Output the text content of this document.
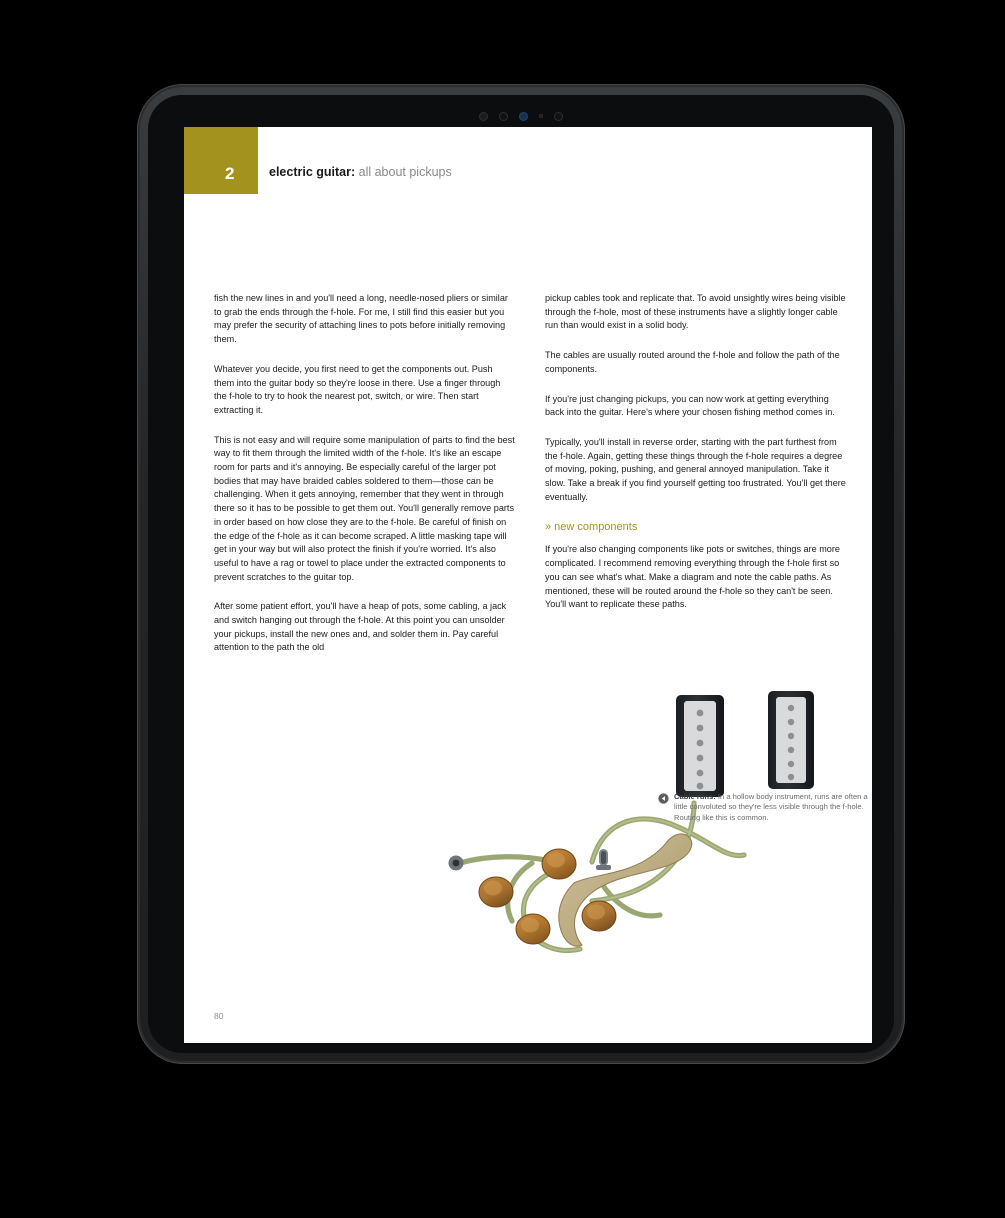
2	electric guitar: all about pickups

fish the new lines in and you'll need a long, needle-nosed pliers or similar to grab the ends through the f-hole. For me, I still find this easier but you may prefer the security of attaching lines to pots before initially removing them.

Whatever you decide, you first need to get the components out. Push them into the guitar body so they're loose in there. Use a finger through the f-hole to try to hook the nearest pot, switch, or wire. Then start extracting it.

This is not easy and will require some manipulation of parts to find the best way to fit them through the limited width of the f-hole. It's like an escape room for parts and it's annoying. Be especially careful of the larger pot bodies that may have braided cables soldered to them—those can be challenging. When it gets annoying, remember that they went in through there so it has to be possible to get them out. You'll generally remove parts in order based on how close they are to the f-hole. Be careful of finish on the edge of the f-hole as it can become scraped. A little masking tape will get in your way but will also protect the finish if you're worried. It's also useful to have a rag or towel to place under the extracted components to prevent scratches to the guitar top.

After some patient effort, you'll have a heap of pots, some cabling, a jack and switch hanging out through the f-hole. At this point you can unsolder your pickups, install the new ones and, and solder them in. Pay careful attention to the path the old

pickup cables took and replicate that. To avoid unsightly wires being visible through the f-hole, most of these instruments have a slightly longer cable run than would exist in a solid body.

The cables are usually routed around the f-hole and follow the path of the components.

If you're just changing pickups, you can now work at getting everything back into the guitar. Here's where your chosen fishing method comes in.

Typically, you'll install in reverse order, starting with the part furthest from the f-hole. Again, getting these things through the f-hole requires a degree of moving, poking, pushing, and general annoyed manipulation. Take it slow. Take a break if you find yourself getting too frustrated. You'll get there eventually.

» new components

If you're also changing components like pots or switches, things are more complicated. I recommend removing everything through the f-hole first so you can see what's what. Make a diagram and note the cable paths. As mentioned, these will be routed around the f-hole so they can't be seen. You'll want to replicate these paths.

Cable runs: In a hollow body instrument, runs are often a little convoluted so they're less visible through the f-hole. Routing like this is common.
80
